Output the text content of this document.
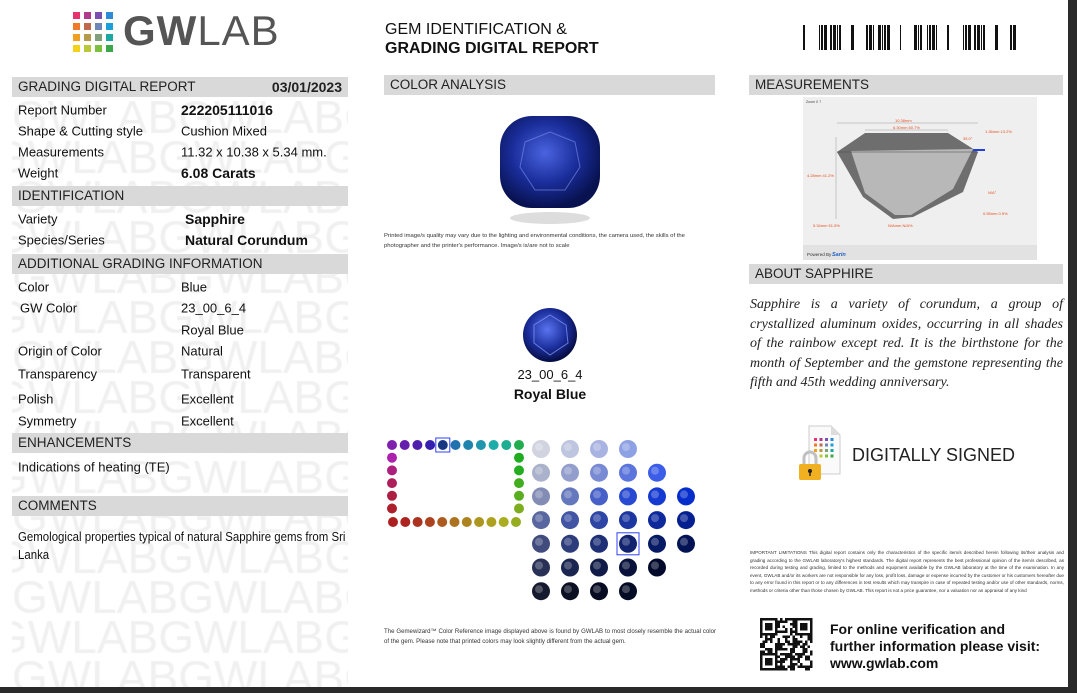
GWLAB	GEM IDENTIFICATION &
GRADING DIGITAL REPORT
GRADING DIGITAL REPORT	03/01/2023
IDENTIFICATION
ADDITIONAL GRADING INFORMATION
ENHANCEMENTS
Indications of heating (TE)
COMMENTS
Gemological properties typical of natural Sapphire gems from Sri
Lanka
COLOR ANALYSIS
Printed image/s quality may vary due to the lighting and environmental conditions, the camera used, the skills of the photographer and the printer's performance. Image/s is/are not to scale
23_00_6_4
Royal Blue
The Gemewizard™ Color Reference image displayed above is found by GWLAB to most closely resemble the actual color of the gem. Please note that printed colors may look slightly different from the actual gem.
MEASUREMENTS
Zoom X 7
10.38mm
6.30mm 60.7%
35.0°
1.36mm 13.2%
4.28mm 41.2%
5.34mm 51.5%
N/A°
N/Amm N/A%
0.55mm 0.5%
Powered By Sarin
ABOUT SAPPHIRE
Sapphire is a variety of corundum, a group of crystallized aluminum oxides, occurring in all shades of the rainbow except red. It is the birthstone for the month of September and the gemstone representing the fifth and 45th wedding anniversary.
DIGITALLY SIGNED
IMPORTANT LIMITATIONS This digital report contains only the characteristics of the specific item/s described herein following its/their analysis and grading according to the GWLAB laboratory's highest standards. The digital report represents the best professional opinion of the item/s described, as recorded during testing and grading, limited to the methods and equipment available by the GWLAB laboratory at the time of the examination. In any event, GWLAB and/or its workers are not responsible for any loss, profit loss, damage or expense incurred by the customer or his customers hereafter due to any error found in this report or to any differences in test results which may transpire in case of repeated testing and/or use of other standards, norms, methods or criteria other than those chosen by GWLAB. This report is not a price guarantee, nor a valuation nor an appraisal of any kind
For online verification and
further information please visit:
www.gwlab.com
Report Number	222205111016
Shape & Cutting style	Cushion Mixed
Measurements	11.32 x 10.38 x 5.34 mm.
Weight	6.08 Carats
Variety	Sapphire
Species/Series	Natural Corundum
Color	Blue
GW Color	23_00_6_4
Royal Blue
Origin of Color	Natural
Transparency	Transparent
Polish	Excellent
Symmetry	Excellent
